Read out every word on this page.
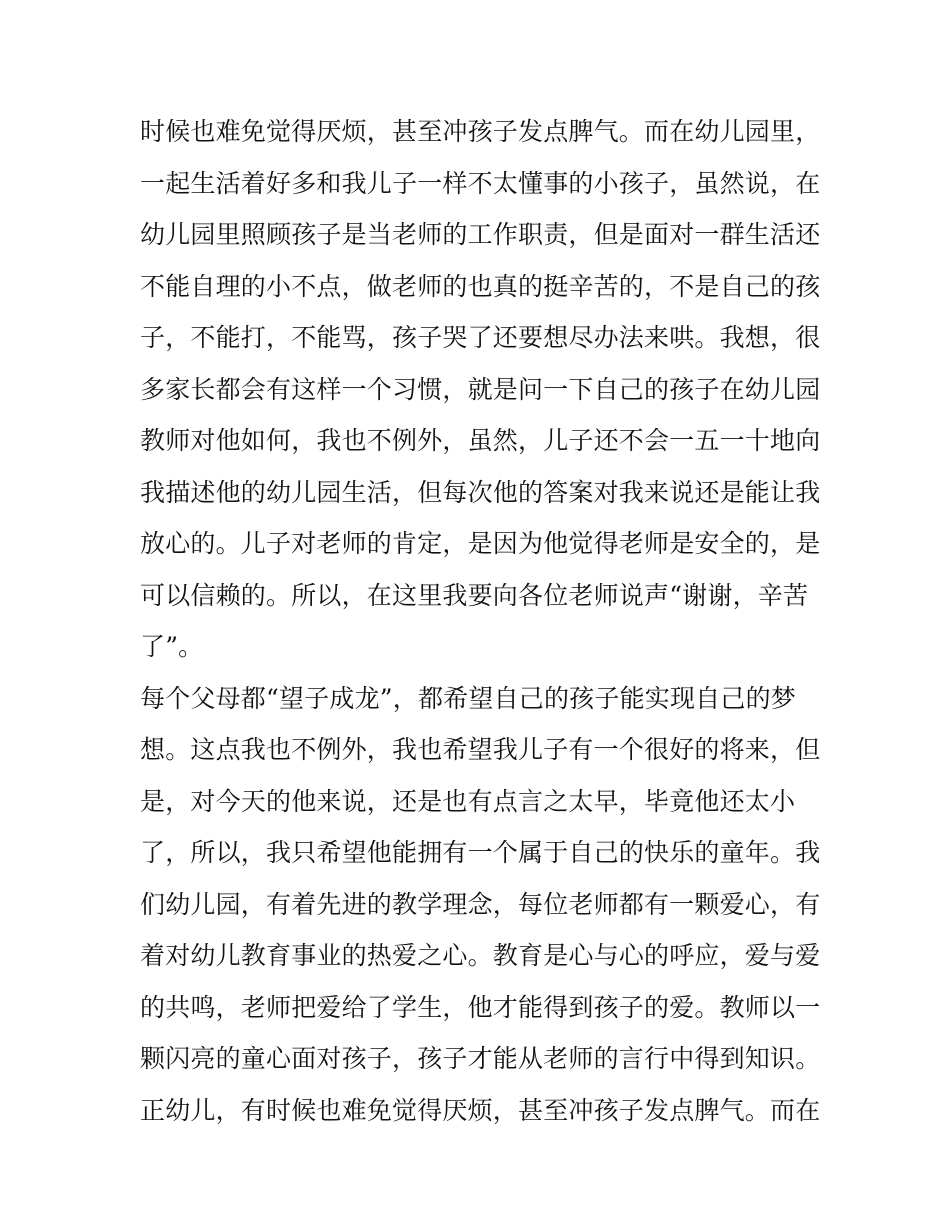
时候也难免觉得厌烦，甚至冲孩子发点脾气。而在幼儿园里，
一起生活着好多和我儿子一样不太懂事的小孩子，虽然说，在
幼儿园里照顾孩子是当老师的工作职责，但是面对一群生活还
不能自理的小不点，做老师的也真的挺辛苦的，不是自己的孩
子，不能打，不能骂，孩子哭了还要想尽办法来哄。我想，很
多家长都会有这样一个习惯，就是问一下自己的孩子在幼儿园
教师对他如何，我也不例外，虽然，儿子还不会一五一十地向
我描述他的幼儿园生活，但每次他的答案对我来说还是能让我
放心的。儿子对老师的肯定，是因为他觉得老师是安全的，是
可以信赖的。所以，在这里我要向各位老师说声“谢谢，辛苦
了”。
每个父母都“望子成龙”，都希望自己的孩子能实现自己的梦
想。这点我也不例外，我也希望我儿子有一个很好的将来，但
是，对今天的他来说，还是也有点言之太早，毕竟他还太小
了，所以，我只希望他能拥有一个属于自己的快乐的童年。我
们幼儿园，有着先进的教学理念，每位老师都有一颗爱心，有
着对幼儿教育事业的热爱之心。教育是心与心的呼应，爱与爱
的共鸣，老师把爱给了学生，他才能得到孩子的爱。教师以一
颗闪亮的童心面对孩子，孩子才能从老师的言行中得到知识。
正幼儿，有时候也难免觉得厌烦，甚至冲孩子发点脾气。而在
